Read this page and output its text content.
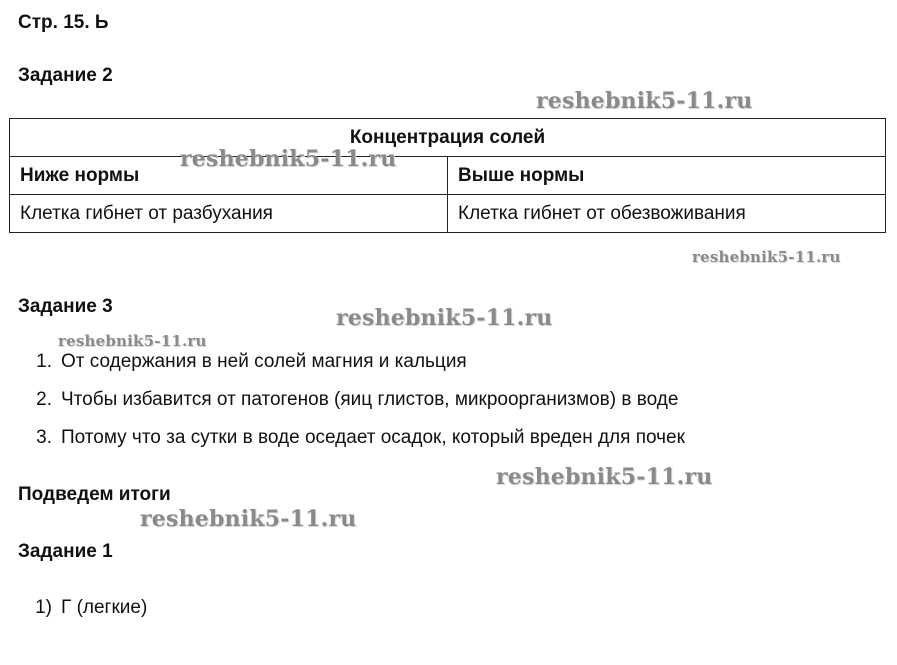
Стр. 15. Ь
Задание 2
Концентрация солей	
Ниже нормы	Выше нормы
Клетка гибнет от разбухания	Клетка гибнет от обезвоживания
Задание 3
1. От содержания в ней солей магния и кальция
2. Чтобы избавится от патогенов (яиц глистов, микроорганизмов) в воде
3. Потому что за сутки в воде оседает осадок, который вреден для почек
Подведем итоги
Задание 1
1) Г (легкие)
reshebnik5-11.ru
reshebnik5-11.ru
reshebnik5-11.ru
reshebnik5-11.ru
reshebnik5-11.ru
reshebnik5-11.ru
reshebnik5-11.ru
